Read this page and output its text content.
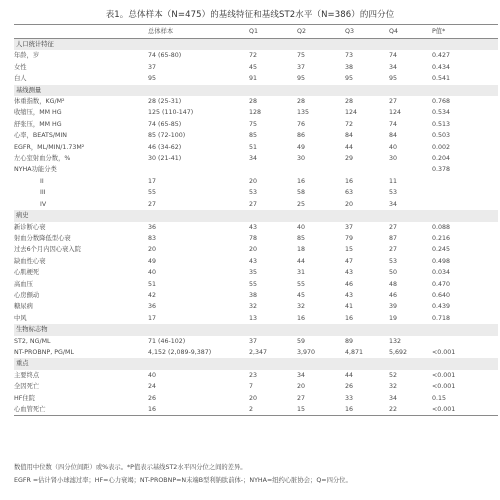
表1。总体样本（N=475）的基线特征和基线ST2水平（N=386）的四分位
	总体样本	Q1	Q2	Q3	Q4	P值*
人口统计特征						
年龄，岁	74 (65-80)	72	75	73	74	0.427
女性	37	45	37	38	34	0.434
白人	95	91	95	95	95	0.541
基线测量						
体重指数，KG/M²	28 (25-31)	28	28	28	27	0.768
收缩压，MM HG	125 (110-147)	128	135	124	124	0.534
舒张压，MM HG	74 (65-85)	75	76	72	74	0.513
心率，BEATS/MIN	85 (72-100)	85	86	84	84	0.503
EGFR，ML/MIN/1.73M²	46 (34-62)	51	49	44	40	0.002
左心室射血分数，%	30 (21-41)	34	30	29	30	0.204
NYHA功能分类						0.378
II	17	20	16	16	11	
III	55	53	58	63	53	
IV	27	27	25	20	34	
病史						
新诊断心衰	36	43	40	37	27	0.088
射血分数降低型心衰	83	78	85	79	87	0.216
过去6个月内因心衰入院	20	20	18	15	27	0.245
缺血性心衰	49	43	44	47	53	0.498
心肌梗死	40	35	31	43	50	0.034
高血压	51	55	55	46	48	0.470
心房颤动	42	38	45	43	46	0.640
糖尿病	36	32	32	41	39	0.439
中风	17	13	16	16	19	0.718
生物标志物						
ST2, NG/ML	71 (46-102)	37	59	89	132	
NT-PROBNP, PG/ML	4,152 (2,089-9,387)	2,347	3,970	4,871	5,692	<0.001
重点						
主要终点	40	23	34	44	52	<0.001
全因死亡	24	7	20	26	32	<0.001
HF住院	26	20	27	33	34	0.15
心血管死亡	16	2	15	16	22	<0.001
数值用中位数（四分位间距）或%表示。*P值表示基线ST2水平四分位之间的差异。
EGFR =估计肾小球滤过率；HF=心力衰竭；NT-PROBNP=N末端B型利钠肽前体-；NYHA=纽约心脏协会；Q=四分位。
